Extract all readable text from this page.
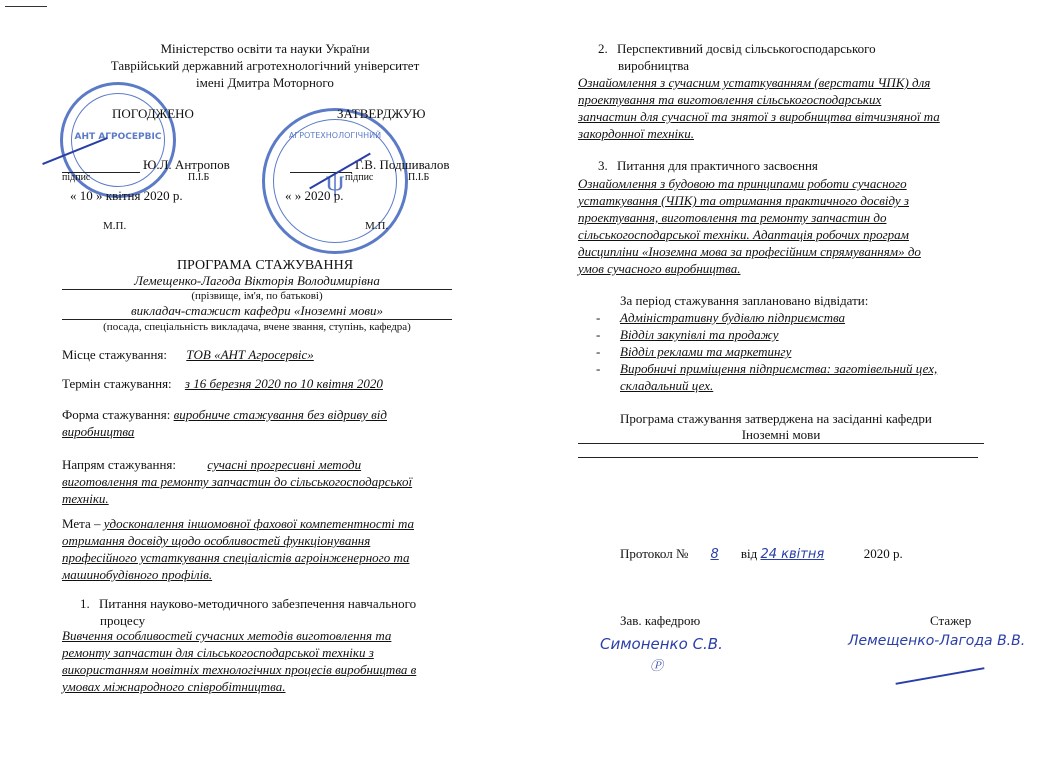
Міністерство освіти та науки України
Таврійський державний агротехнологічний університет
імені Дмитра Моторного
АНТ АГРОСЕРВІС
ψ
АГРОТЕХНОЛОГІЧНИЙ
ПОГОДЖЕНО	ЗАТВЕРДЖУЮ
Ю.Л. Антропов	Г.В. Подшивалов
підпис	П.І.Б	підпис	П.І.Б
« 10 » квітня 2020 р.	« » 2020 р.
М.П.	М.П.
ПРОГРАМА СТАЖУВАННЯ
Лемещенко-Лагода Вікторія Володимирівна
(прізвище, ім'я, по батькові)
викладач-стажист кафедри «Іноземні мови»
(посада, спеціальність викладача, вчене звання, ступінь, кафедра)
Місце стажування: ТОВ «АНТ Агросервіс»
Термін стажування: з 16 березня 2020 по 10 квітня 2020
Форма стажування: виробниче стажування без відриву від
виробництва
Напрям стажування: сучасні прогресивні методи
виготовлення та ремонту запчастин до сільськогосподарської
техніки.
Мета – удосконалення іншомовної фахової компетентності та
отримання досвіду щодо особливостей функціонування
професійного устаткування спеціалістів агроінженерного та
машинобудівного профілів.
1. Питання науково-методичного забезпечення навчального
процесу
Вивчення особливостей сучасних методів виготовлення та
ремонту запчастин для сільськогосподарської техніки з
використанням новітніх технологічних процесів виробництва в
умовах міжнародного співробітництва.
2. Перспективний досвід сільськогосподарського
виробництва
Ознайомлення з сучасним устаткуванням (верстати ЧПК) для
проектування та виготовлення сільськогосподарських
запчастин для сучасної та знятої з виробництва вітчизняної та
закордонної техніки.
3. Питання для практичного засвоєння
Ознайомлення з будовою та принципами роботи сучасного
устаткування (ЧПК) та отримання практичного досвіду з
проектування, виготовлення та ремонту запчастин до
сільськогосподарської техніки. Адаптація робочих програм
дисципліни «Іноземна мова за професійним спрямуванням» до
умов сучасного виробництва.
За період стажування заплановано відвідати:
- Адміністративну будівлю підприємства
- Відділ закупівлі та продажу
- Відділ реклами та маркетингу
- Виробничі приміщення підприємства: заготівельний цех,
складальний цех.
Програма стажування затверджена на засіданні кафедри
Іноземні мови
Протокол № 8 від 24 квітня	2020 р.
Зав. кафедрою	Стажер
Симоненко С.В.
Ⓟ
Лемещенко-Лагода В.В.
